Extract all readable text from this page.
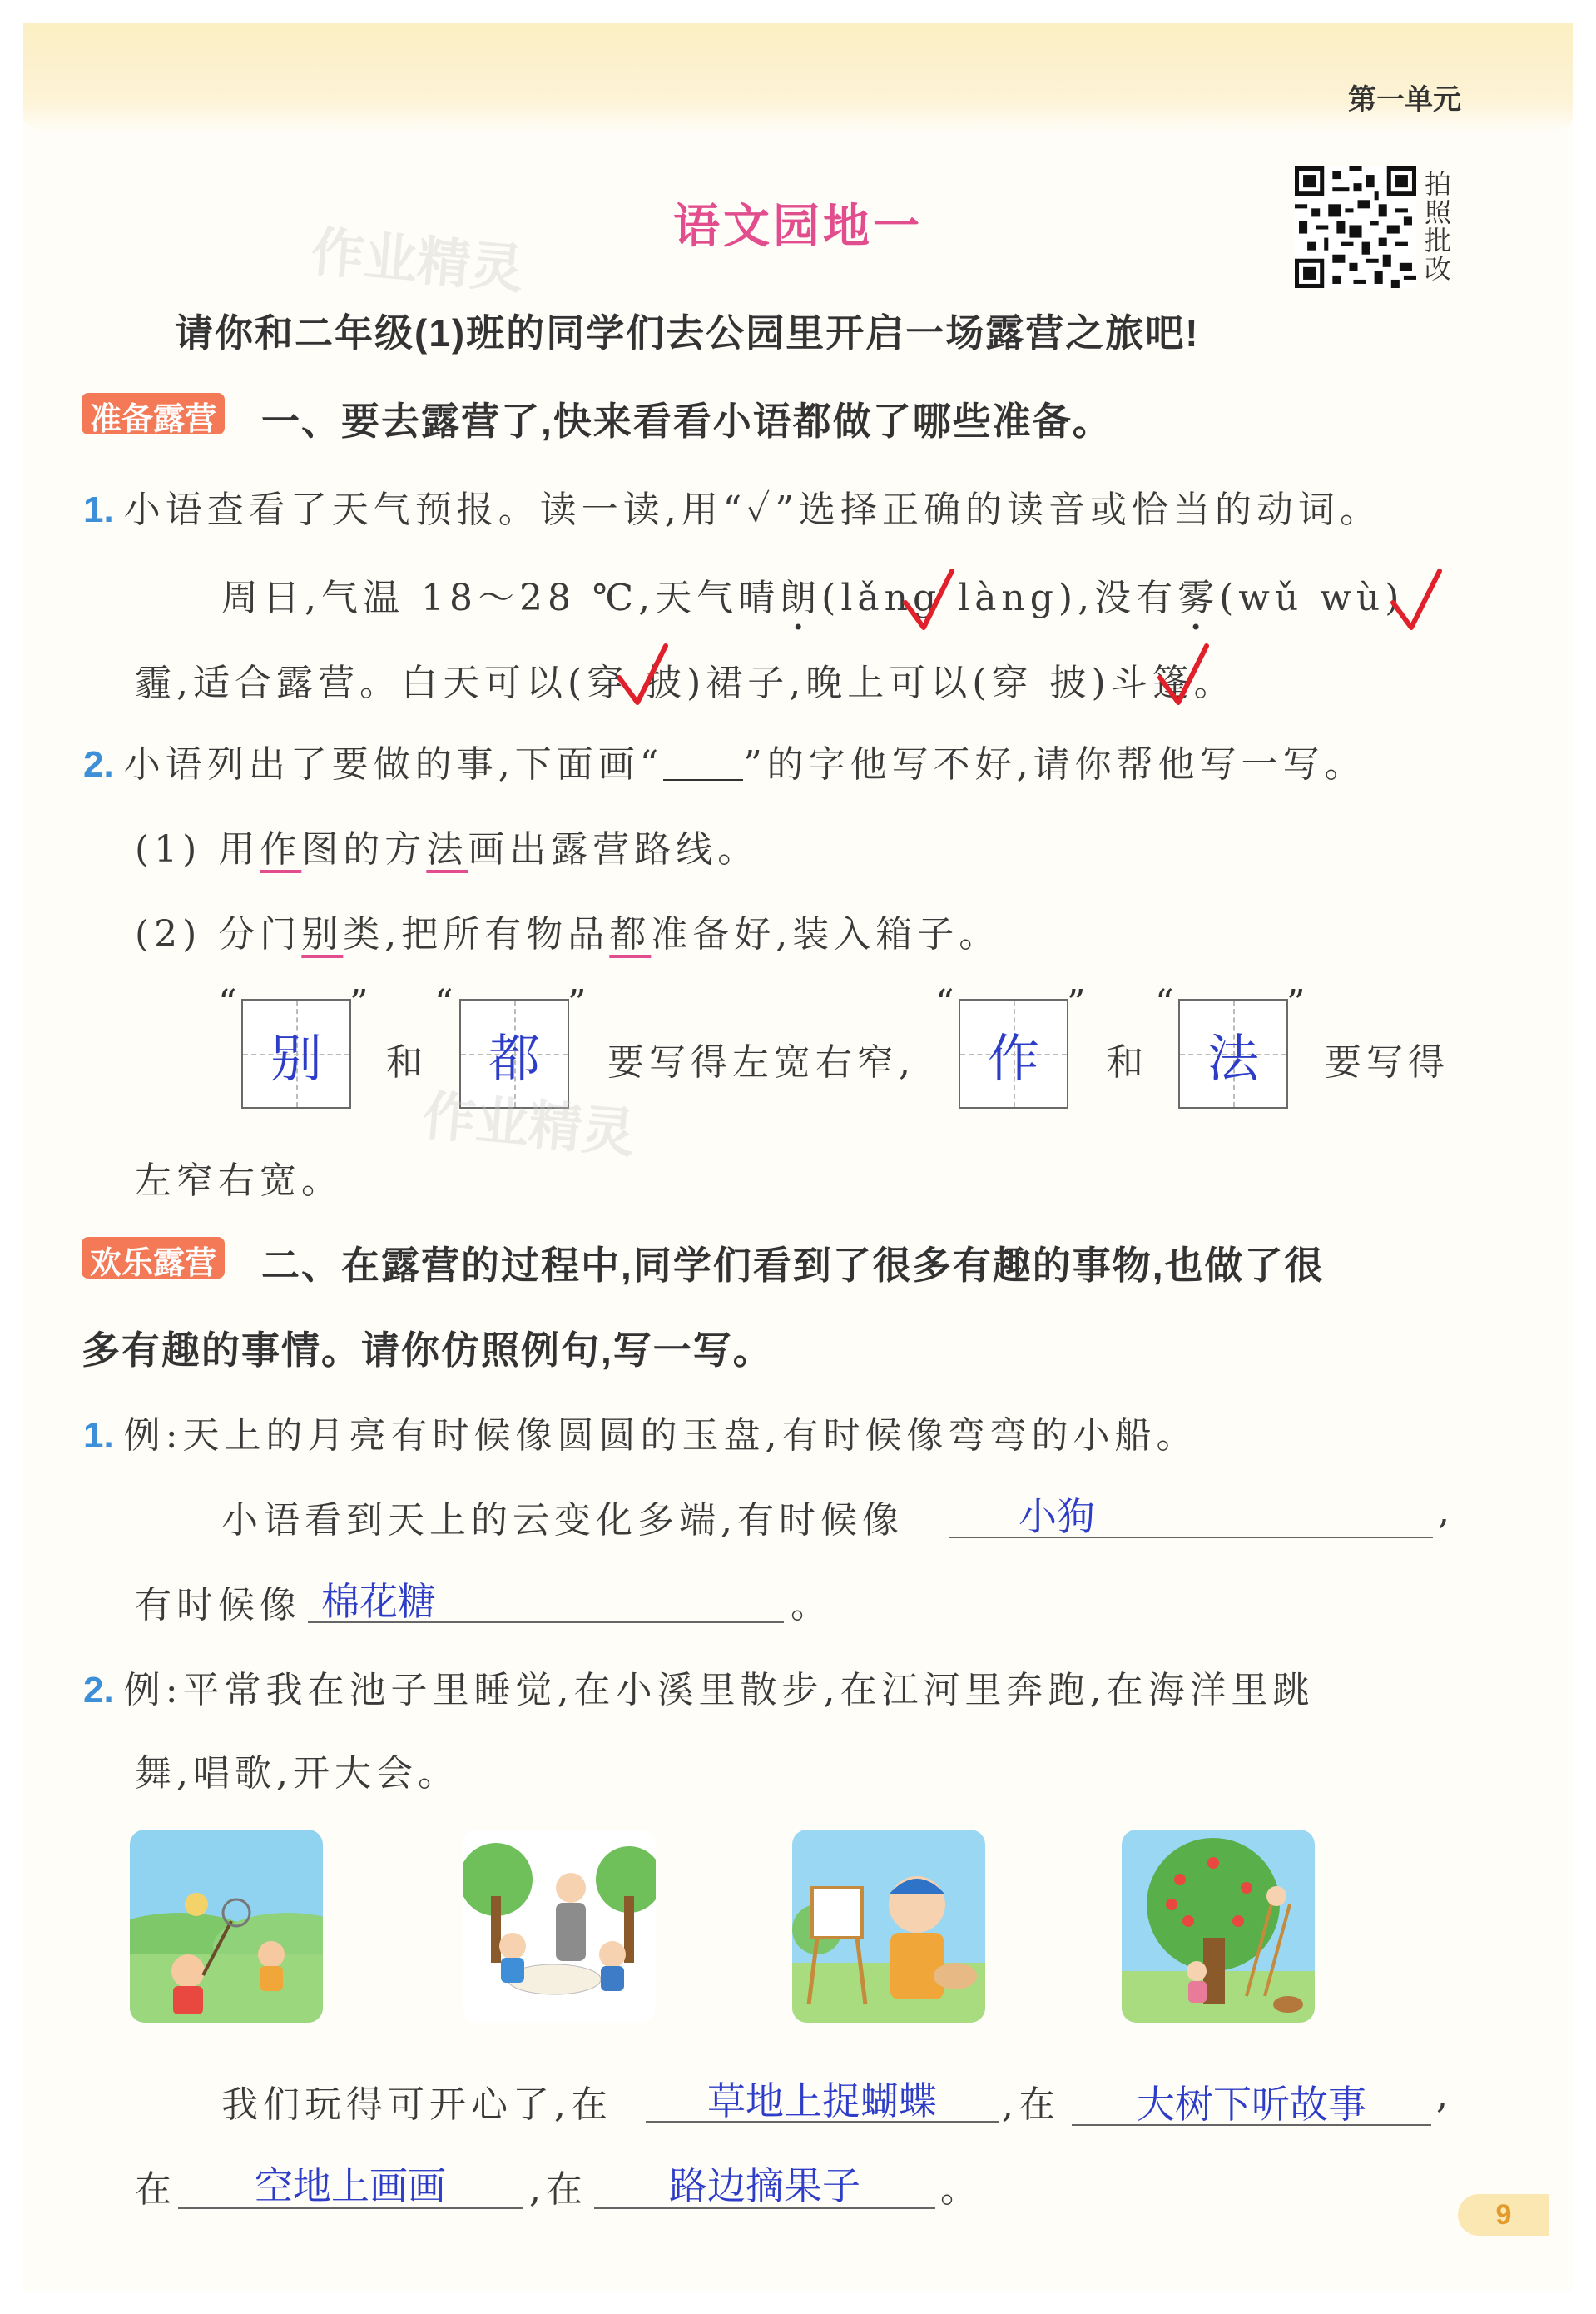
第一单元
作业精灵	语文园地一
拍
照
批
改
请你和二年级(1)班的同学们去公园里开启一场露营之旅吧!
准备露营 一、要去露营了,快来看看小语都做了哪些准备。
1. 小语查看了天气预报。读一读,用“✓”选择正确的读音或恰当的动词。
周日,气温 18～28 ℃,天气晴朗(lǎng làng),没有雾(wǔ wù)
霾,适合露营。白天可以(穿 披)裙子,晚上可以(穿 披)斗篷。
2. 小语列出了要做的事,下面画“ ”的字他写不好,请你帮他写一写。
(1) 用作图的方法画出露营路线。
(2) 分门别类,把所有物品都准备好,装入箱子。
“
别
”
和
“
都
”
要写得左宽右窄,
“
作
”
和
“
法
”
要写得
作业精灵
左窄右宽。
欢乐露营 二、在露营的过程中,同学们看到了很多有趣的事物,也做了很
多有趣的事情。请你仿照例句,写一写。
1. 例:天上的月亮有时候像圆圆的玉盘,有时候像弯弯的小船。
小语看到天上的云变化多端,有时候像	小狗	,
有时候像 棉花糖	。
2. 例:平常我在池子里睡觉,在小溪里散步,在江河里奔跑,在海洋里跳
舞,唱歌,开大会。
我们玩得可开心了,在	草地上捉蝴蝶	,在	大树下听故事	,
在	空地上画画	,在	路边摘果子	。
9
